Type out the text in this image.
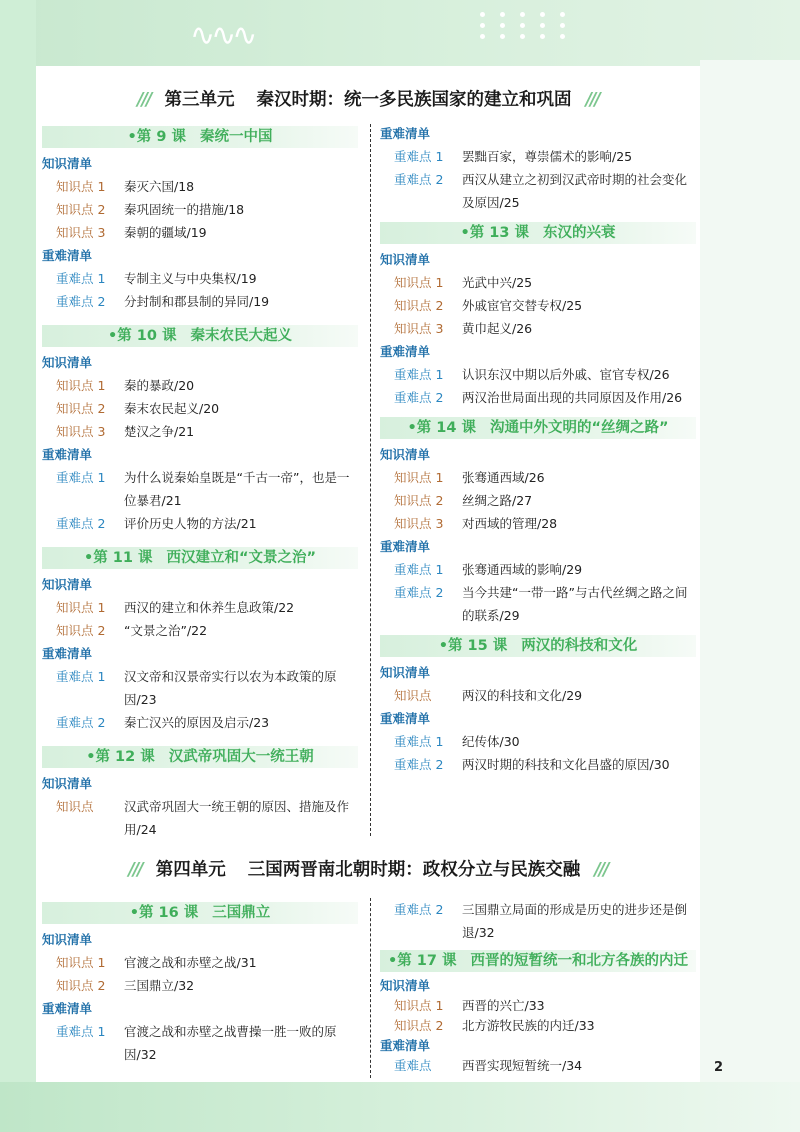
∿∿∿
/// 第三单元 秦汉时期：统一多民族国家的建立和巩固 ///
•第 9 课 秦统一中国
知识清单
知识点 1	秦灭六国/18
知识点 2	秦巩固统一的措施/18
知识点 3	秦朝的疆域/19
重难清单
重难点 1	专制主义与中央集权/19
重难点 2	分封制和郡县制的异同/19
•第 10 课 秦末农民大起义
知识清单
知识点 1	秦的暴政/20
知识点 2	秦末农民起义/20
知识点 3	楚汉之争/21
重难清单
重难点 1	为什么说秦始皇既是“千古一帝”，也是一位暴君/21
重难点 2	评价历史人物的方法/21
•第 11 课 西汉建立和“文景之治”
知识清单
知识点 1	西汉的建立和休养生息政策/22
知识点 2	“文景之治”/22
重难清单
重难点 1	汉文帝和汉景帝实行以农为本政策的原因/23
重难点 2	秦亡汉兴的原因及启示/23
•第 12 课 汉武帝巩固大一统王朝
知识清单
知识点	汉武帝巩固大一统王朝的原因、措施及作用/24
重难清单
重难点 1	罢黜百家，尊崇儒术的影响/25
重难点 2	西汉从建立之初到汉武帝时期的社会变化及原因/25
•第 13 课 东汉的兴衰
知识清单
知识点 1	光武中兴/25
知识点 2	外戚宦官交替专权/25
知识点 3	黄巾起义/26
重难清单
重难点 1	认识东汉中期以后外戚、宦官专权/26
重难点 2	两汉治世局面出现的共同原因及作用/26
•第 14 课 沟通中外文明的“丝绸之路”
知识清单
知识点 1	张骞通西域/26
知识点 2	丝绸之路/27
知识点 3	对西域的管理/28
重难清单
重难点 1	张骞通西域的影响/29
重难点 2	当今共建“一带一路”与古代丝绸之路之间的联系/29
•第 15 课 两汉的科技和文化
知识清单
知识点	两汉的科技和文化/29
重难清单
重难点 1	纪传体/30
重难点 2	两汉时期的科技和文化昌盛的原因/30
/// 第四单元 三国两晋南北朝时期：政权分立与民族交融 ///
•第 16 课 三国鼎立
知识清单
知识点 1	官渡之战和赤壁之战/31
知识点 2	三国鼎立/32
重难清单
重难点 1	官渡之战和赤壁之战曹操一胜一败的原因/32
重难点 2	三国鼎立局面的形成是历史的进步还是倒退/32
•第 17 课 西晋的短暂统一和北方各族的内迁
知识清单
知识点 1	西晋的兴亡/33
知识点 2	北方游牧民族的内迁/33
重难清单
重难点	西晋实现短暂统一/34	2
